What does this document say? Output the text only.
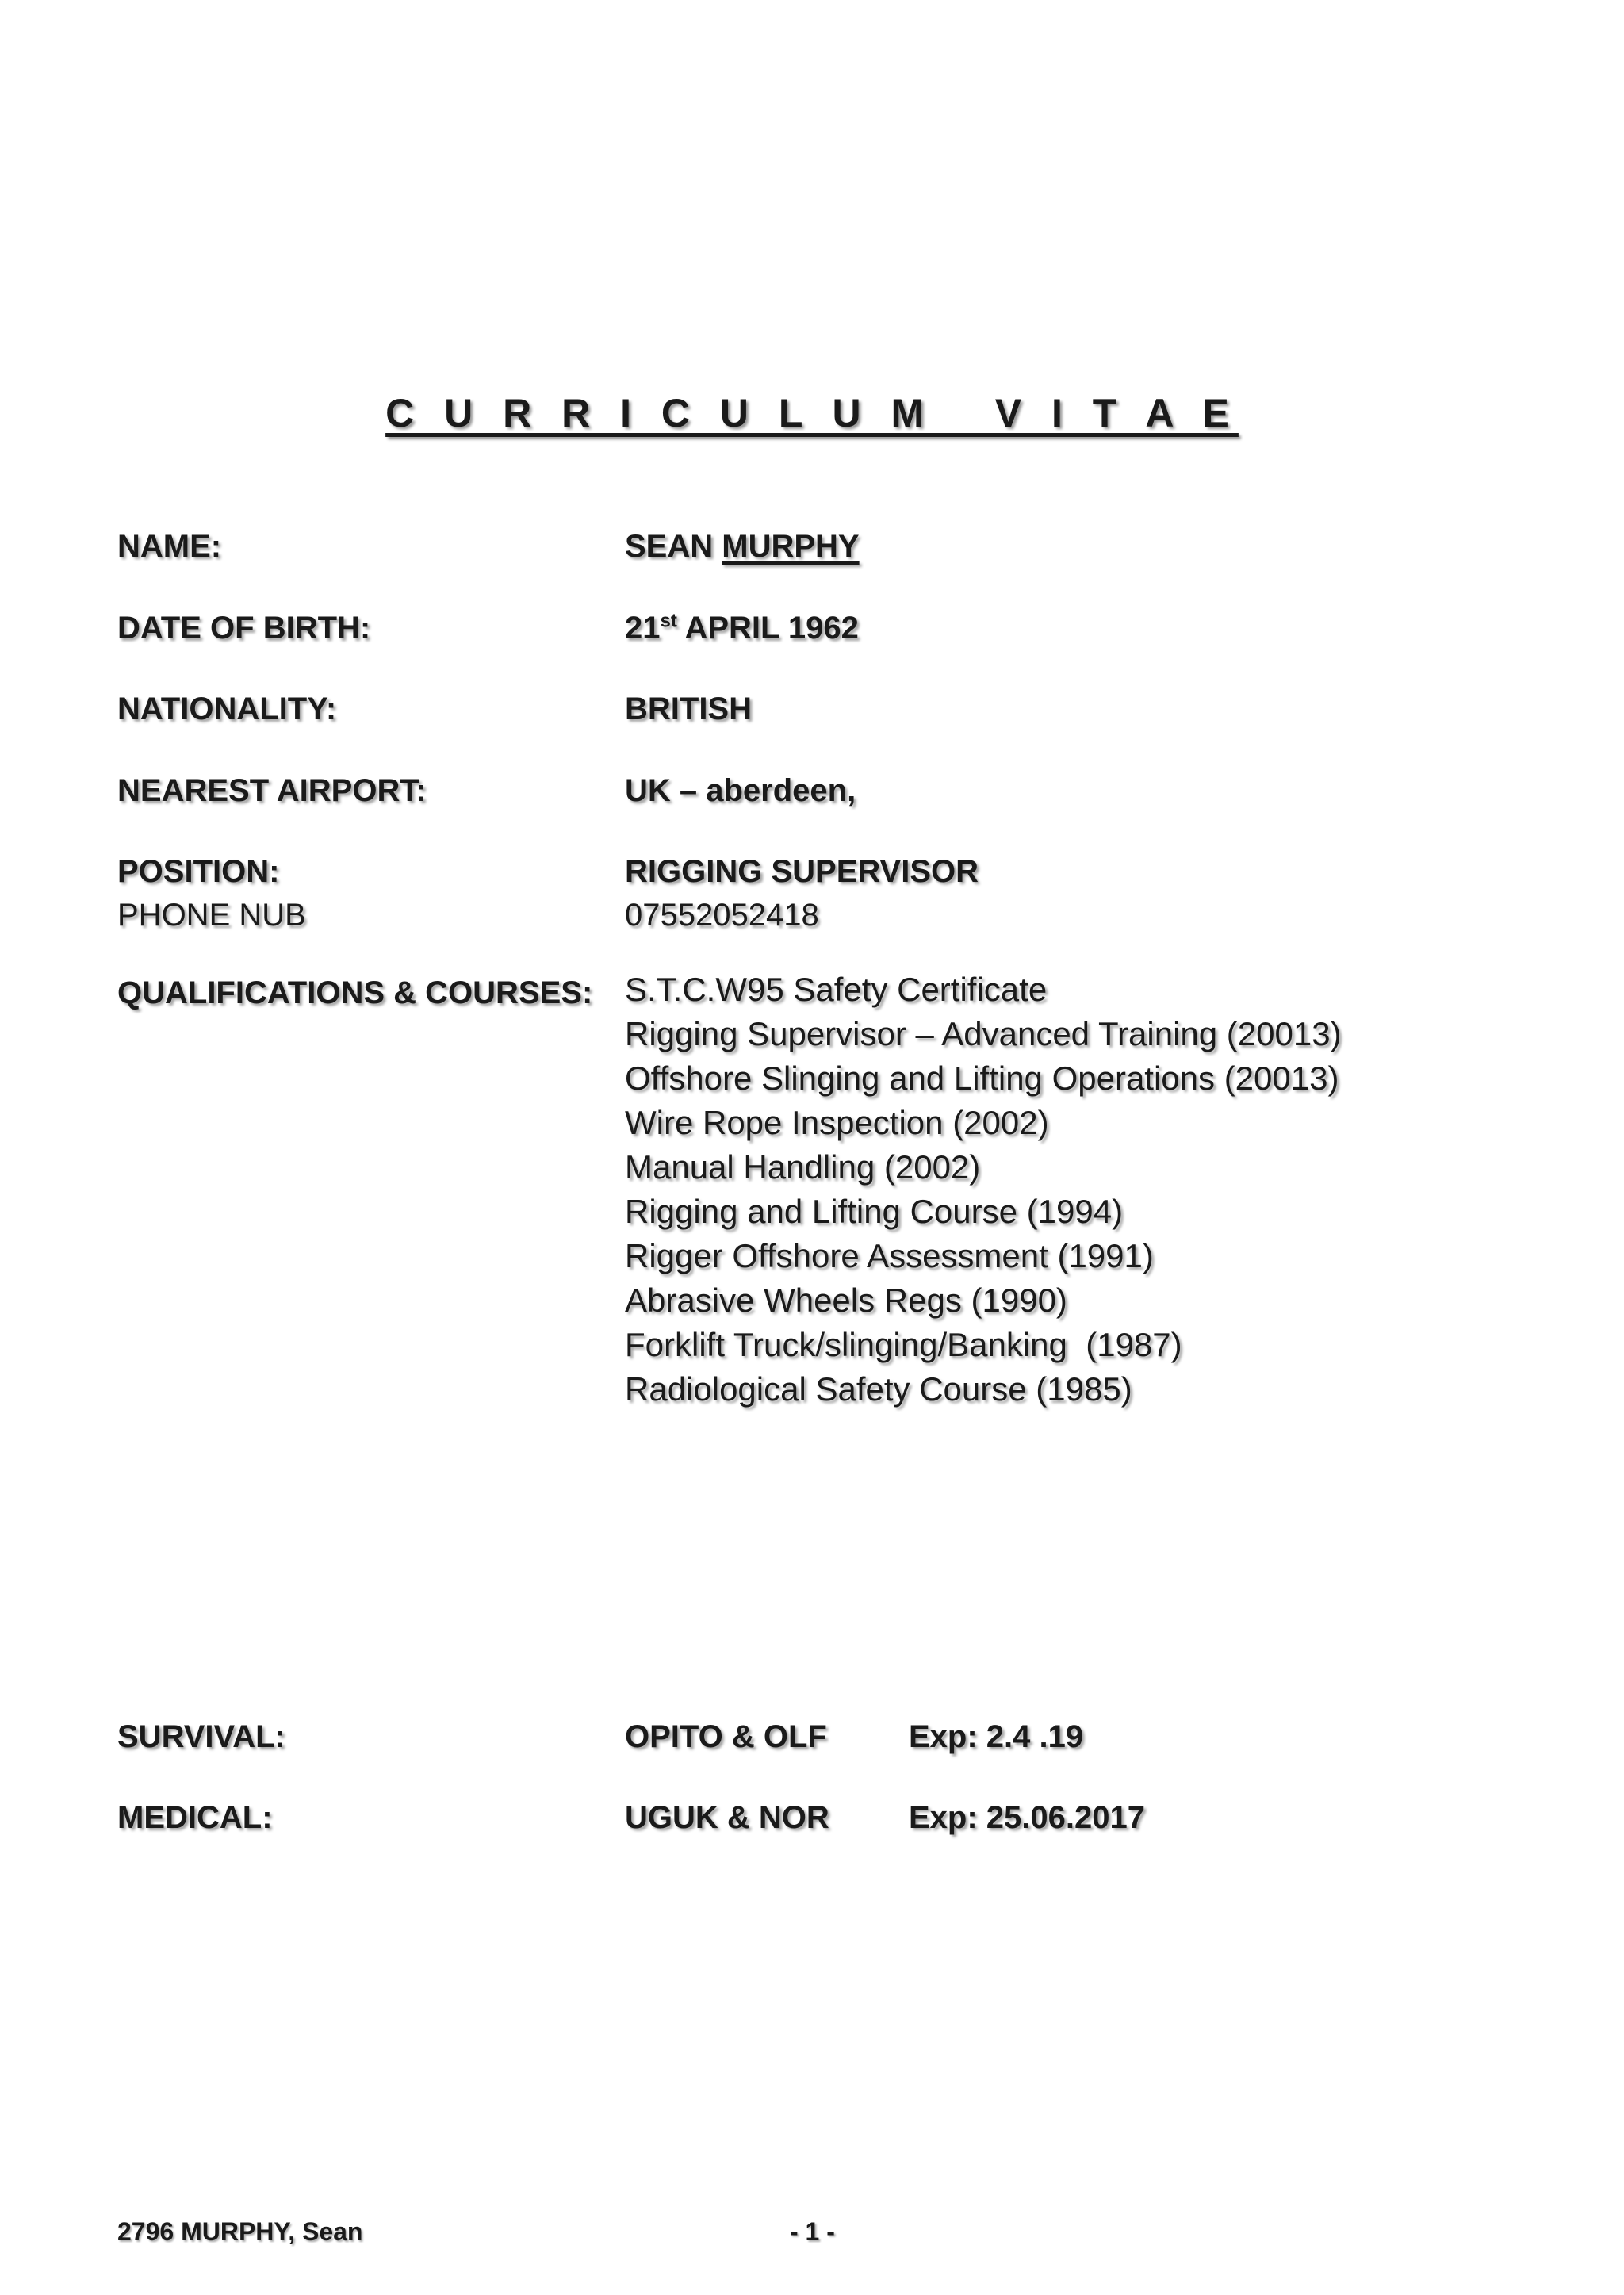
C U R R I C U L U M   V I T A E
NAME:	SEAN MURPHY
DATE OF BIRTH:	21st APRIL 1962
NATIONALITY:	BRITISH
NEAREST AIRPORT:	UK – aberdeen,
POSITION:	RIGGING SUPERVISOR
PHONE NUB	07552052418
QUALIFICATIONS & COURSES: S.T.C.W95 Safety Certificate
Rigging Supervisor – Advanced Training (20013)
Offshore Slinging and Lifting Operations (20013)
Wire Rope Inspection (2002)
Manual Handling (2002)
Rigging and Lifting Course (1994)
Rigger Offshore Assessment (1991)
Abrasive Wheels Regs (1990)
Forklift Truck/slinging/Banking  (1987)
Radiological Safety Course (1985)
SURVIVAL:	OPITO & OLF	Exp: 2.4 .19
MEDICAL:	UGUK & NOR	Exp: 25.06.2017
2796 MURPHY, Sean	- 1 -
